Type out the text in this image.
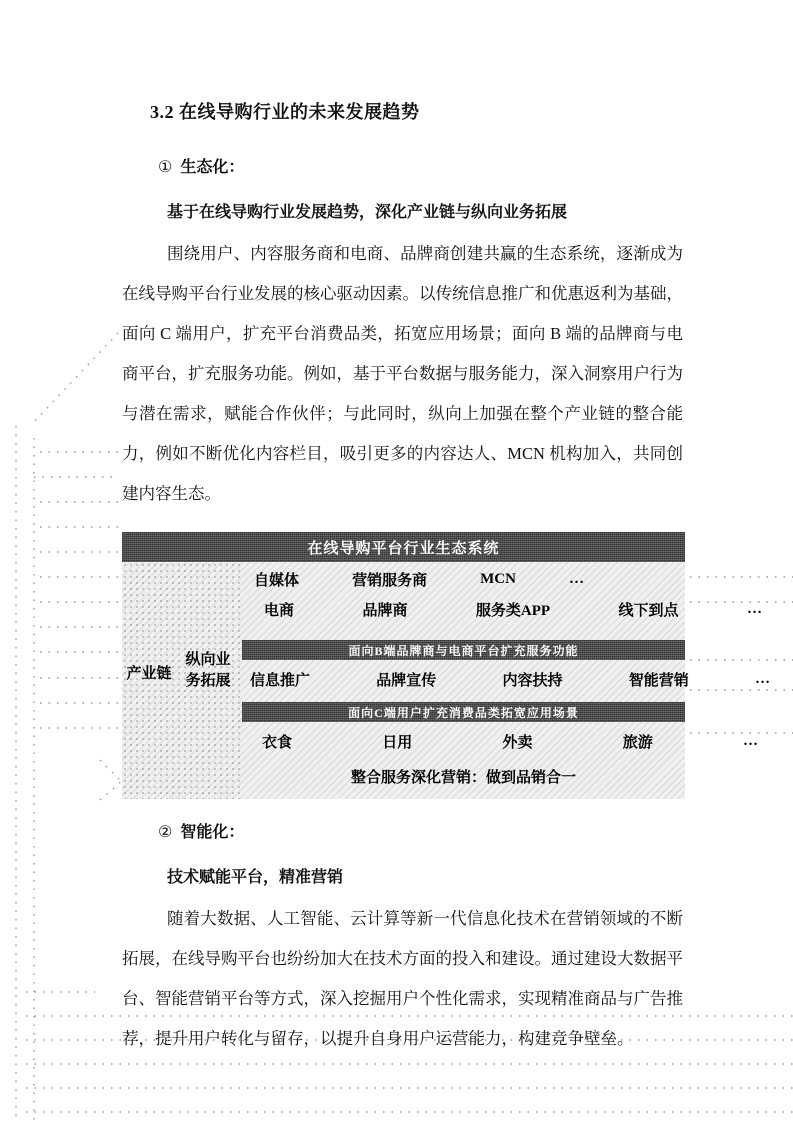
3.2 在线导购行业的未来发展趋势
① 生态化：
基于在线导购行业发展趋势，深化产业链与纵向业务拓展

围绕用户、内容服务商和电商、品牌商创建共赢的生态系统，逐渐成为在线导购平台行业发展的核心驱动因素。以传统信息推广和优惠返利为基础，面向 C 端用户，扩充平台消费品类，拓宽应用场景；面向 B 端的品牌商与电商平台，扩充服务功能。例如，基于平台数据与服务能力，深入洞察用户行为与潜在需求，赋能合作伙伴；与此同时，纵向上加强在整个产业链的整合能力，例如不断优化内容栏目，吸引更多的内容达人、MCN 机构加入，共同创建内容生态。

在线导购平台行业生态系统
产业链
纵向业
务拓展
自媒体	营销服务商	MCN	…
电商	品牌商	服务类APP	线下到点	…
面向B端品牌商与电商平台扩充服务功能
信息推广	品牌宣传	内容扶持	智能营销	…
面向C端用户扩充消费品类拓宽应用场景
衣食	日用	外卖	旅游	…
整合服务深化营销：做到品销合一
② 智能化：
技术赋能平台，精准营销

随着大数据、人工智能、云计算等新一代信息化技术在营销领域的不断拓展，在线导购平台也纷纷加大在技术方面的投入和建设。通过建设大数据平台、智能营销平台等方式，深入挖掘用户个性化需求，实现精准商品与广告推荐，提升用户转化与留存，以提升自身用户运营能力，构建竞争壁垒。
